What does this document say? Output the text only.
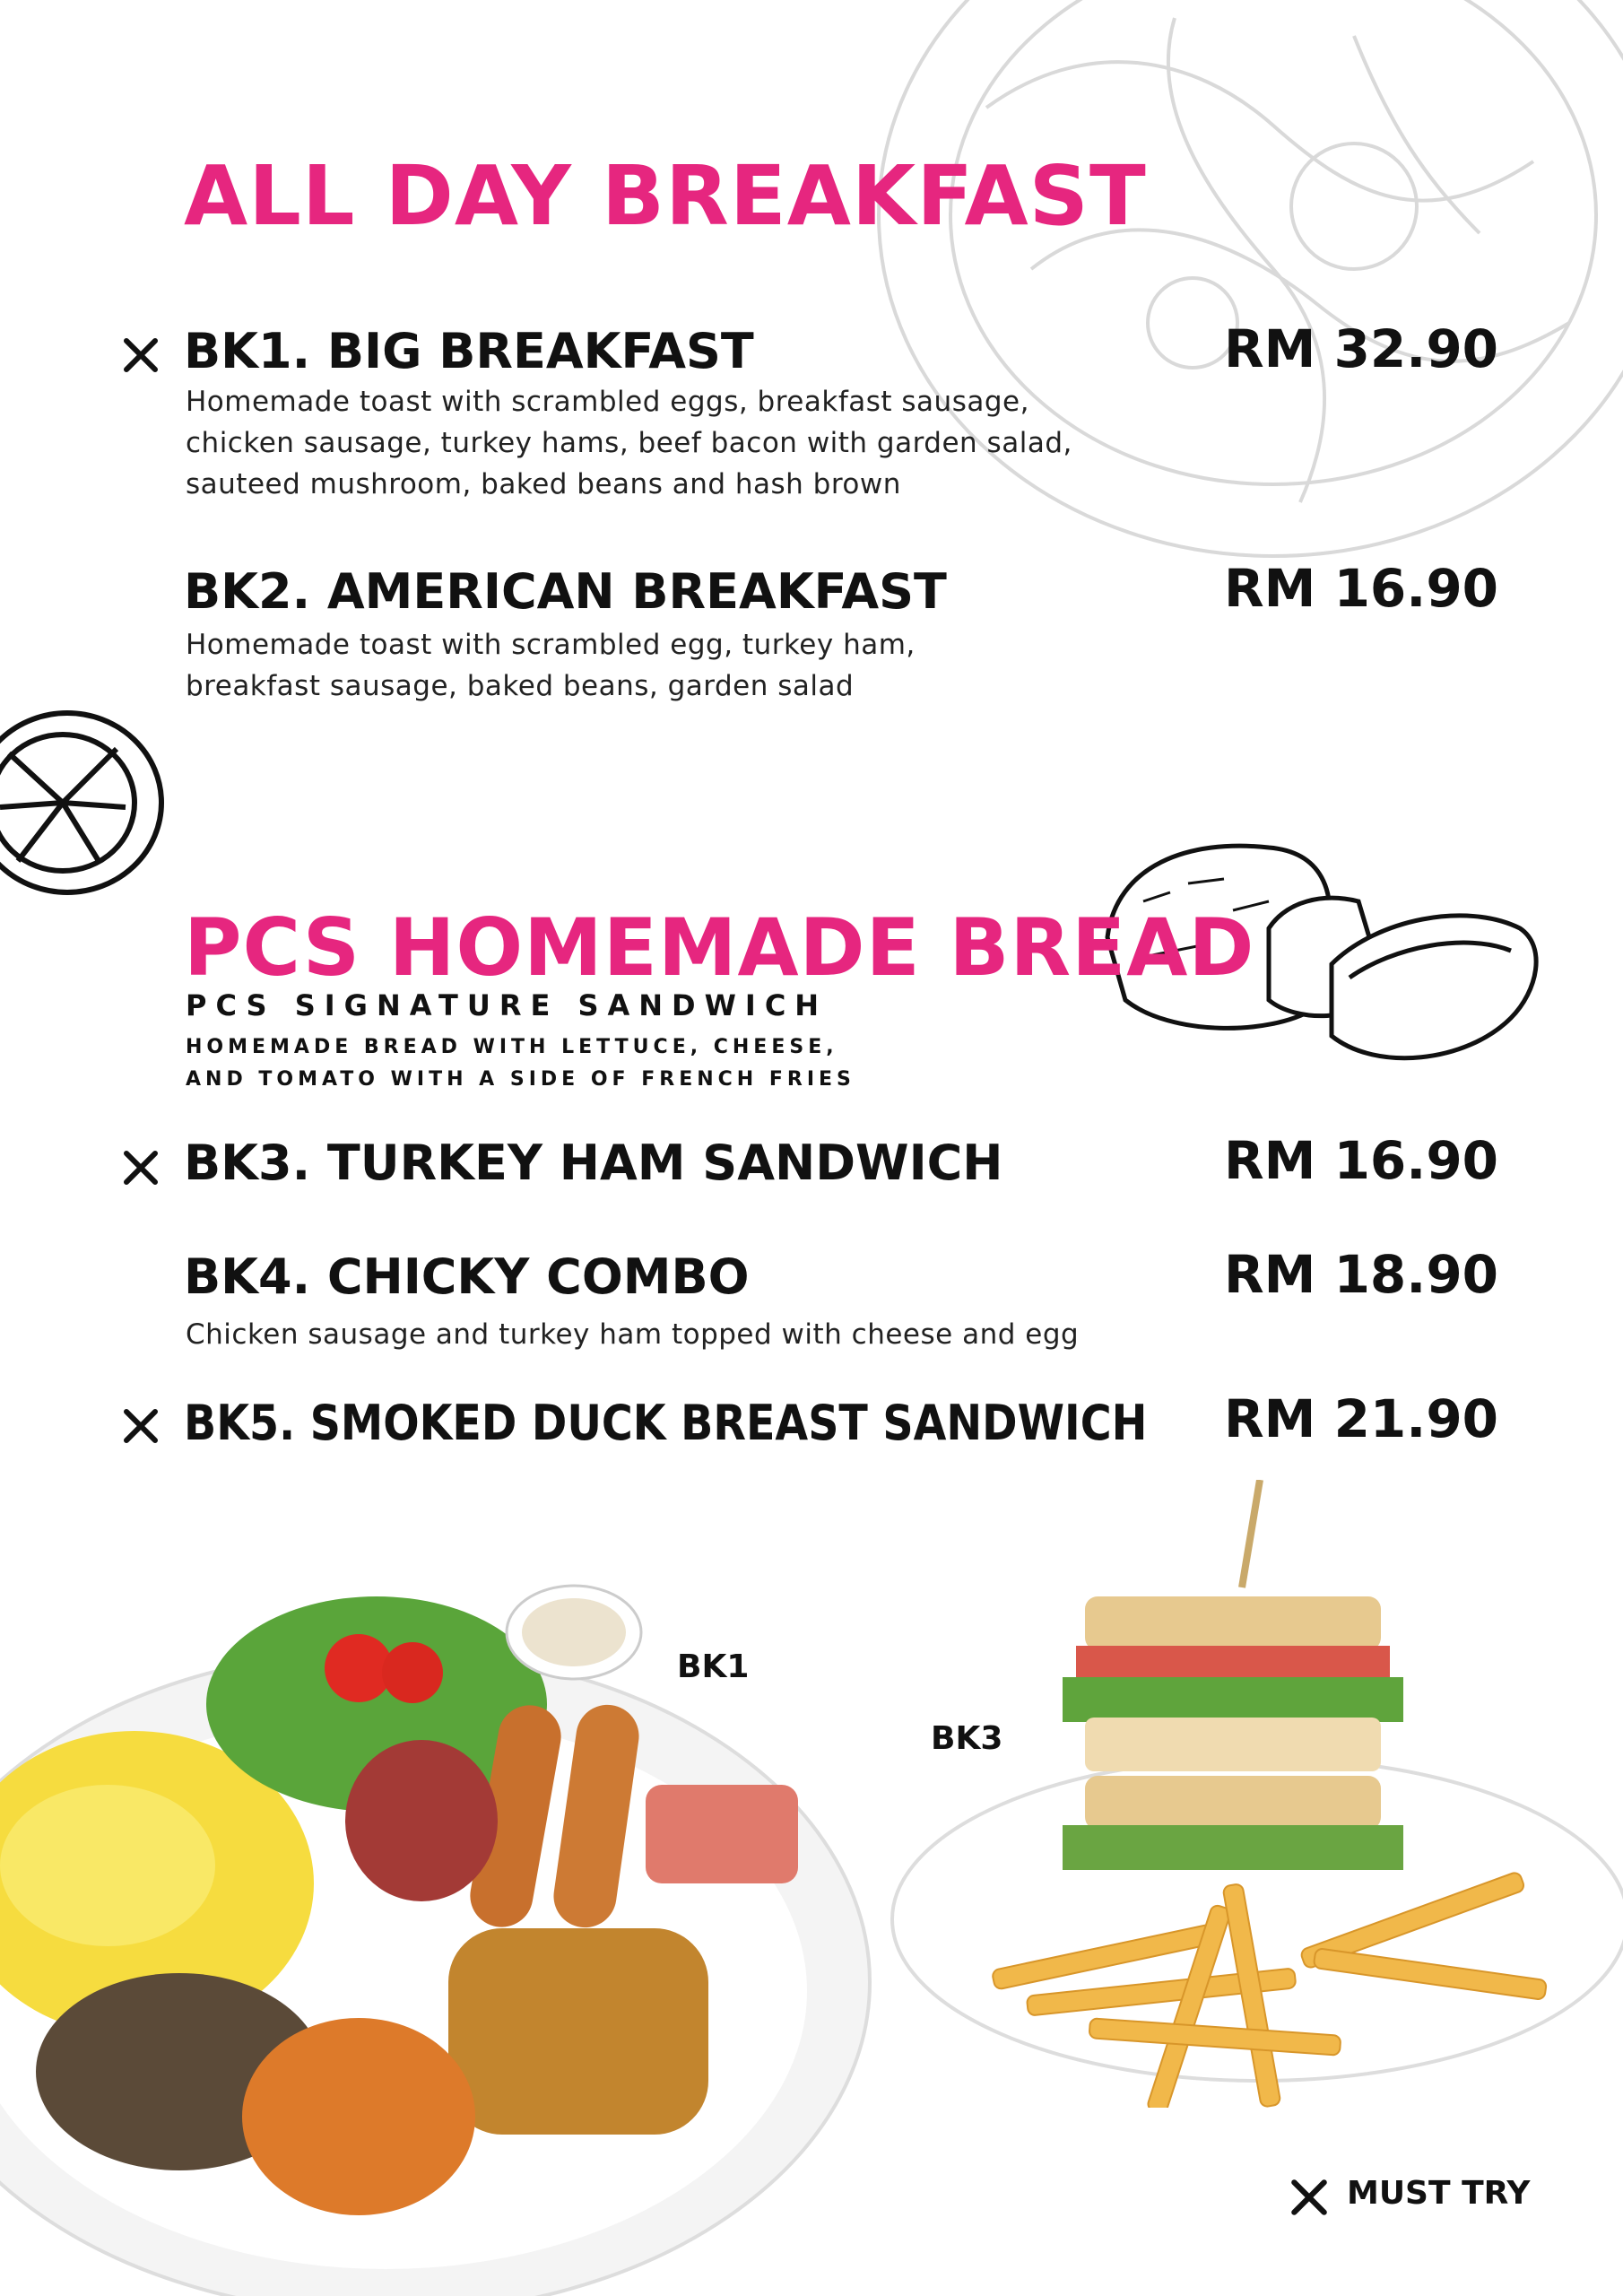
ALL DAY BREAKFAST
BK1. BIG BREAKFAST	RM 32.90
Homemade toast with scrambled eggs, breakfast sausage,
chicken sausage, turkey hams, beef bacon with garden salad,
sauteed mushroom, baked beans and hash brown
BK2. AMERICAN BREAKFAST	RM 16.90
Homemade toast with scrambled egg, turkey ham,
breakfast sausage, baked beans, garden salad
PCS HOMEMADE BREAD
PCS SIGNATURE SANDWICH
HOMEMADE BREAD WITH LETTUCE, CHEESE,
AND TOMATO WITH A SIDE OF FRENCH FRIES
BK3. TURKEY HAM SANDWICH	RM 16.90
BK4. CHICKY COMBO	RM 18.90
Chicken sausage and turkey ham topped with cheese and egg
BK5. SMOKED DUCK BREAST SANDWICH RM 21.90
BK1
BK3
MUST TRY
